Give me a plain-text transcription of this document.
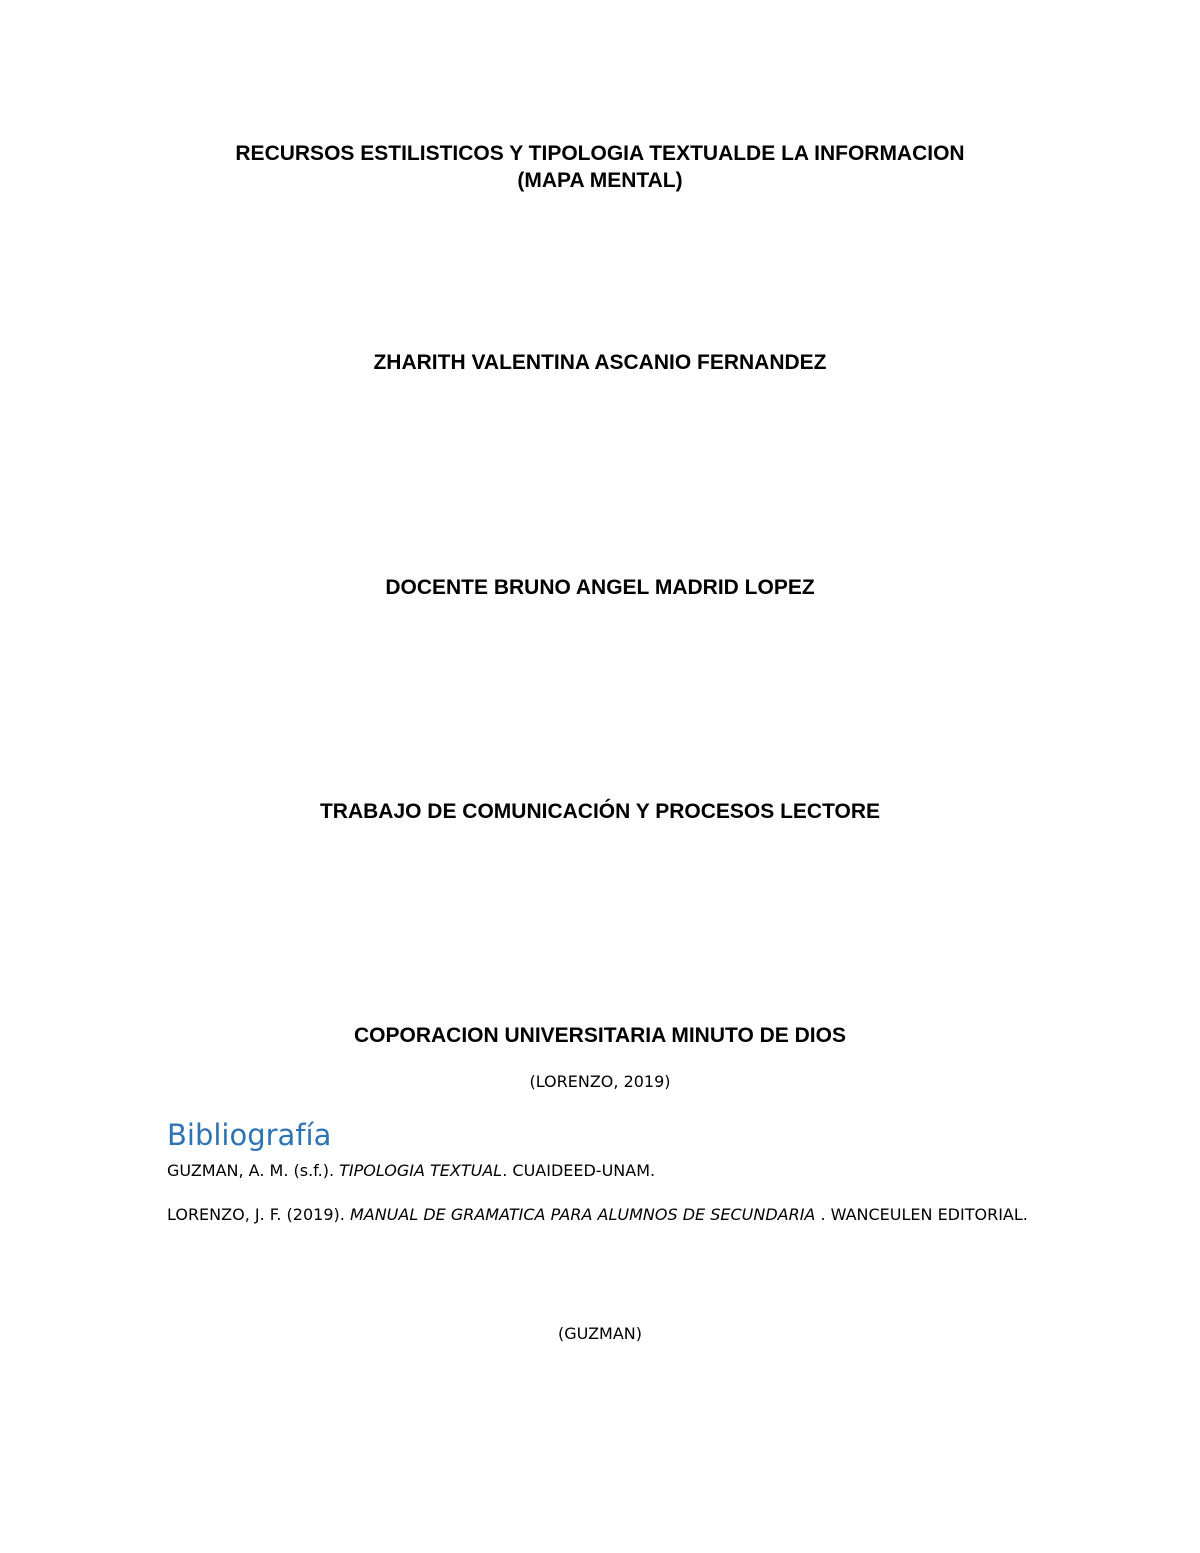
RECURSOS ESTILISTICOS Y TIPOLOGIA TEXTUALDE LA INFORMACION
(MAPA MENTAL)

ZHARITH VALENTINA ASCANIO FERNANDEZ

DOCENTE BRUNO ANGEL MADRID LOPEZ

TRABAJO DE COMUNICACIÓN Y PROCESOS LECTORE

COPORACION UNIVERSITARIA MINUTO DE DIOS

(LORENZO, 2019)

Bibliografía

GUZMAN, A. M. (s.f.). TIPOLOGIA TEXTUAL. CUAIDEED-UNAM.

LORENZO, J. F. (2019). MANUAL DE GRAMATICA PARA ALUMNOS DE SECUNDARIA . WANCEULEN EDITORIAL.

(GUZMAN)
